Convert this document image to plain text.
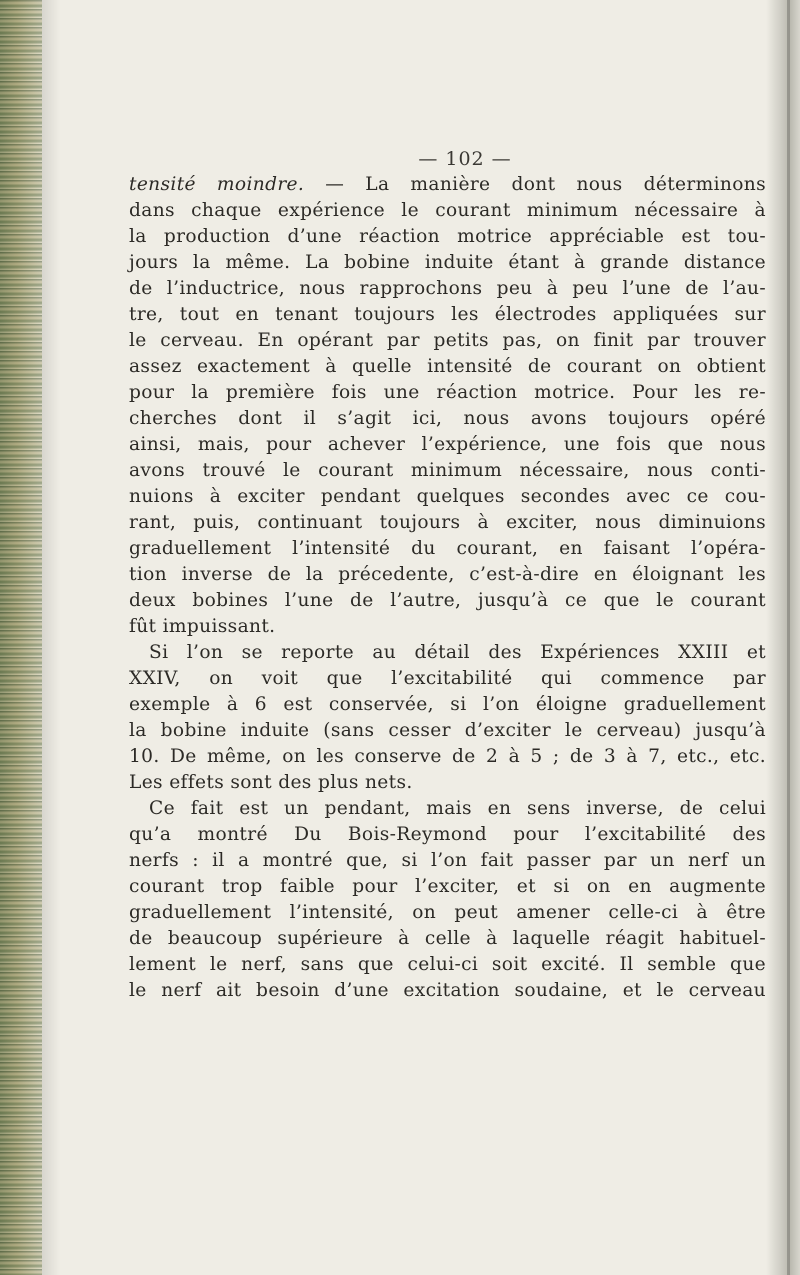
— 102 —
tensité moindre. — La manière dont nous déterminons
dans chaque expérience le courant minimum nécessaire à
la production d’une réaction motrice appréciable est tou-
jours la même. La bobine induite étant à grande distance
de l’inductrice, nous rapprochons peu à peu l’une de l’au-
tre, tout en tenant toujours les électrodes appliquées sur
le cerveau. En opérant par petits pas, on finit par trouver
assez exactement à quelle intensité de courant on obtient
pour la première fois une réaction motrice. Pour les re-
cherches dont il s’agit ici, nous avons toujours opéré
ainsi, mais, pour achever l’expérience, une fois que nous
avons trouvé le courant minimum nécessaire, nous conti-
nuions à exciter pendant quelques secondes avec ce cou-
rant, puis, continuant toujours à exciter, nous diminuions
graduellement l’intensité du courant, en faisant l’opéra-
tion inverse de la précedente, c’est-à-dire en éloignant les
deux bobines l’une de l’autre, jusqu’à ce que le courant
fût impuissant.
Si l’on se reporte au détail des Expériences XXIII et
XXIV, on voit que l’excitabilité qui commence par
exemple à 6 est conservée, si l’on éloigne graduellement
la bobine induite (sans cesser d’exciter le cerveau) jusqu’à
10. De même, on les conserve de 2 à 5 ; de 3 à 7, etc., etc.
Les effets sont des plus nets.
Ce fait est un pendant, mais en sens inverse, de celui
qu’a montré Du Bois-Reymond pour l’excitabilité des
nerfs : il a montré que, si l’on fait passer par un nerf un
courant trop faible pour l’exciter, et si on en augmente
graduellement l’intensité, on peut amener celle-ci à être
de beaucoup supérieure à celle à laquelle réagit habituel-
lement le nerf, sans que celui-ci soit excité. Il semble que
le nerf ait besoin d’une excitation soudaine, et le cerveau
